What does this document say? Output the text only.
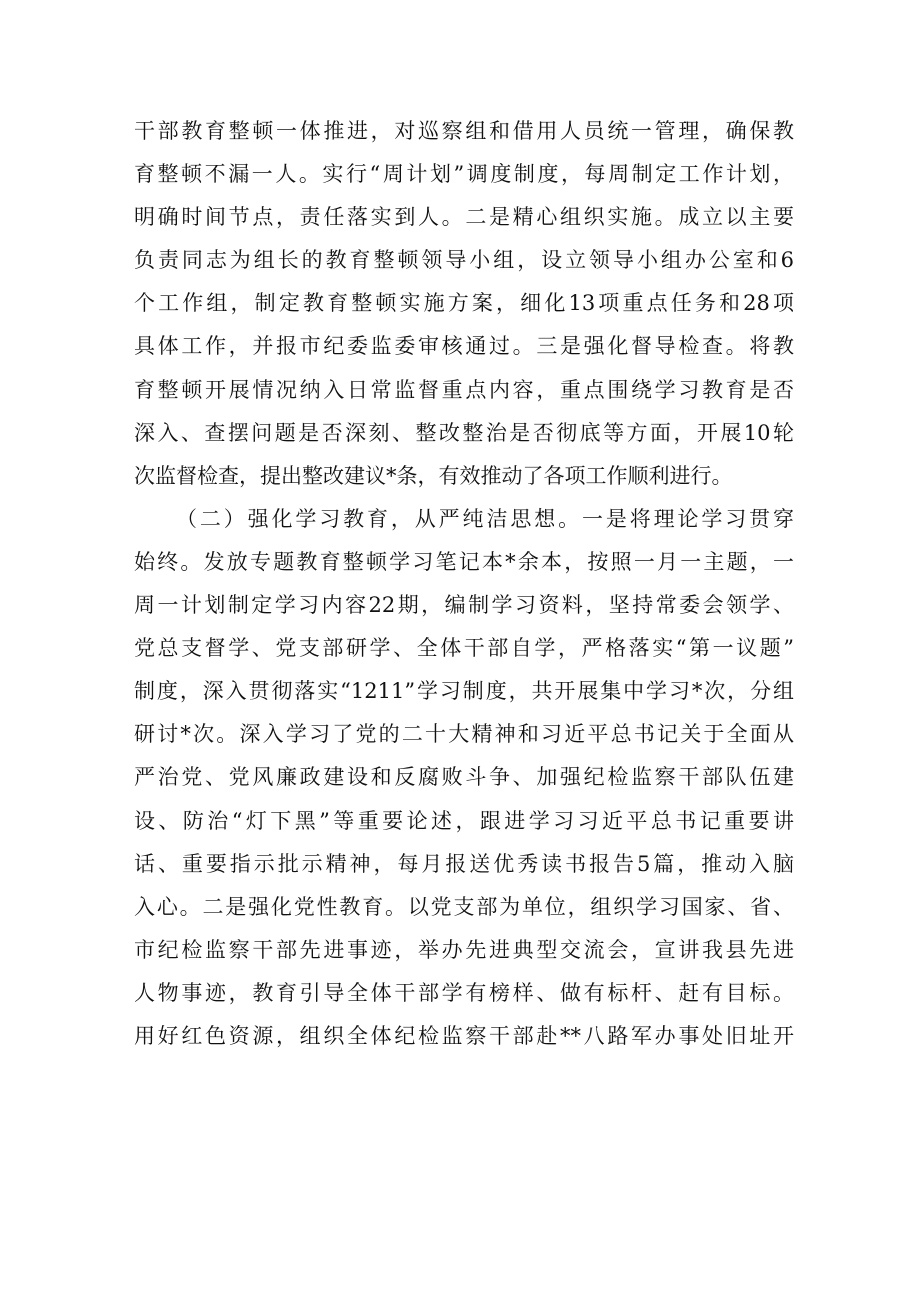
干部教育整顿一体推进，对巡察组和借用人员统一管理，确保教
育整顿不漏一人。实行“周计划”调度制度，每周制定工作计划，
明确时间节点，责任落实到人。二是精心组织实施。成立以主要
负责同志为组长的教育整顿领导小组，设立领导小组办公室和6
个工作组，制定教育整顿实施方案，细化13项重点任务和28项
具体工作，并报市纪委监委审核通过。三是强化督导检查。将教
育整顿开展情况纳入日常监督重点内容，重点围绕学习教育是否
深入、查摆问题是否深刻、整改整治是否彻底等方面，开展10轮
次监督检查，提出整改建议*条，有效推动了各项工作顺利进行。
（二）强化学习教育，从严纯洁思想。一是将理论学习贯穿
始终。发放专题教育整顿学习笔记本*余本，按照一月一主题，一
周一计划制定学习内容22期，编制学习资料，坚持常委会领学、
党总支督学、党支部研学、全体干部自学，严格落实“第一议题”
制度，深入贯彻落实“1211”学习制度，共开展集中学习*次，分组
研讨*次。深入学习了党的二十大精神和习近平总书记关于全面从
严治党、党风廉政建设和反腐败斗争、加强纪检监察干部队伍建
设、防治“灯下黑”等重要论述，跟进学习习近平总书记重要讲
话、重要指示批示精神，每月报送优秀读书报告5篇，推动入脑
入心。二是强化党性教育。以党支部为单位，组织学习国家、省、
市纪检监察干部先进事迹，举办先进典型交流会，宣讲我县先进
人物事迹，教育引导全体干部学有榜样、做有标杆、赶有目标。
用好红色资源，组织全体纪检监察干部赴**八路军办事处旧址开
